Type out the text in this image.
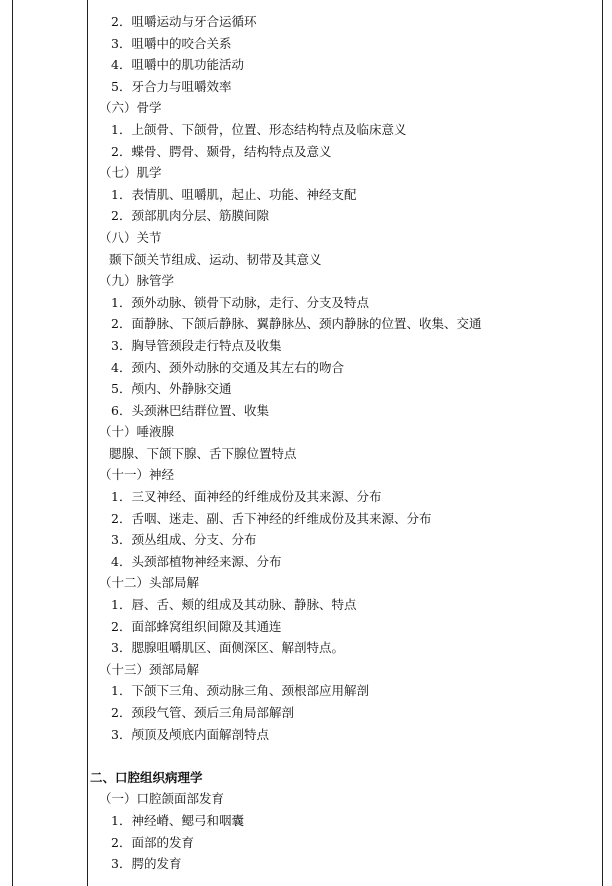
2．咀嚼运动与牙合运循环
3．咀嚼中的咬合关系
4．咀嚼中的肌功能活动
5．牙合力与咀嚼效率
（六）骨学
1．上颌骨、下颌骨，位置、形态结构特点及临床意义
2．蝶骨、腭骨、颞骨，结构特点及意义
（七）肌学
1．表情肌、咀嚼肌，起止、功能、神经支配
2．颈部肌肉分层、筋膜间隙
（八）关节
颞下颌关节组成、运动、韧带及其意义
（九）脉管学
1．颈外动脉、锁骨下动脉，走行、分支及特点
2．面静脉、下颌后静脉、翼静脉丛、颈内静脉的位置、收集、交通
3．胸导管颈段走行特点及收集
4．颈内、颈外动脉的交通及其左右的吻合
5．颅内、外静脉交通
6．头颈淋巴结群位置、收集
（十）唾液腺
腮腺、下颌下腺、舌下腺位置特点
（十一）神经
1．三叉神经、面神经的纤维成份及其来源、分布
2．舌咽、迷走、副、舌下神经的纤维成份及其来源、分布
3．颈丛组成、分支、分布
4．头颈部植物神经来源、分布
（十二）头部局解
1．唇、舌、颊的组成及其动脉、静脉、特点
2．面部蜂窝组织间隙及其通连
3．腮腺咀嚼肌区、面侧深区、解剖特点。
（十三）颈部局解
1．下颌下三角、颈动脉三角、颈根部应用解剖
2．颈段气管、颈后三角局部解剖
3．颅顶及颅底内面解剖特点
二、口腔组织病理学
（一）口腔颌面部发育
1．神经嵴、鳃弓和咽囊
2．面部的发育
3．腭的发育
